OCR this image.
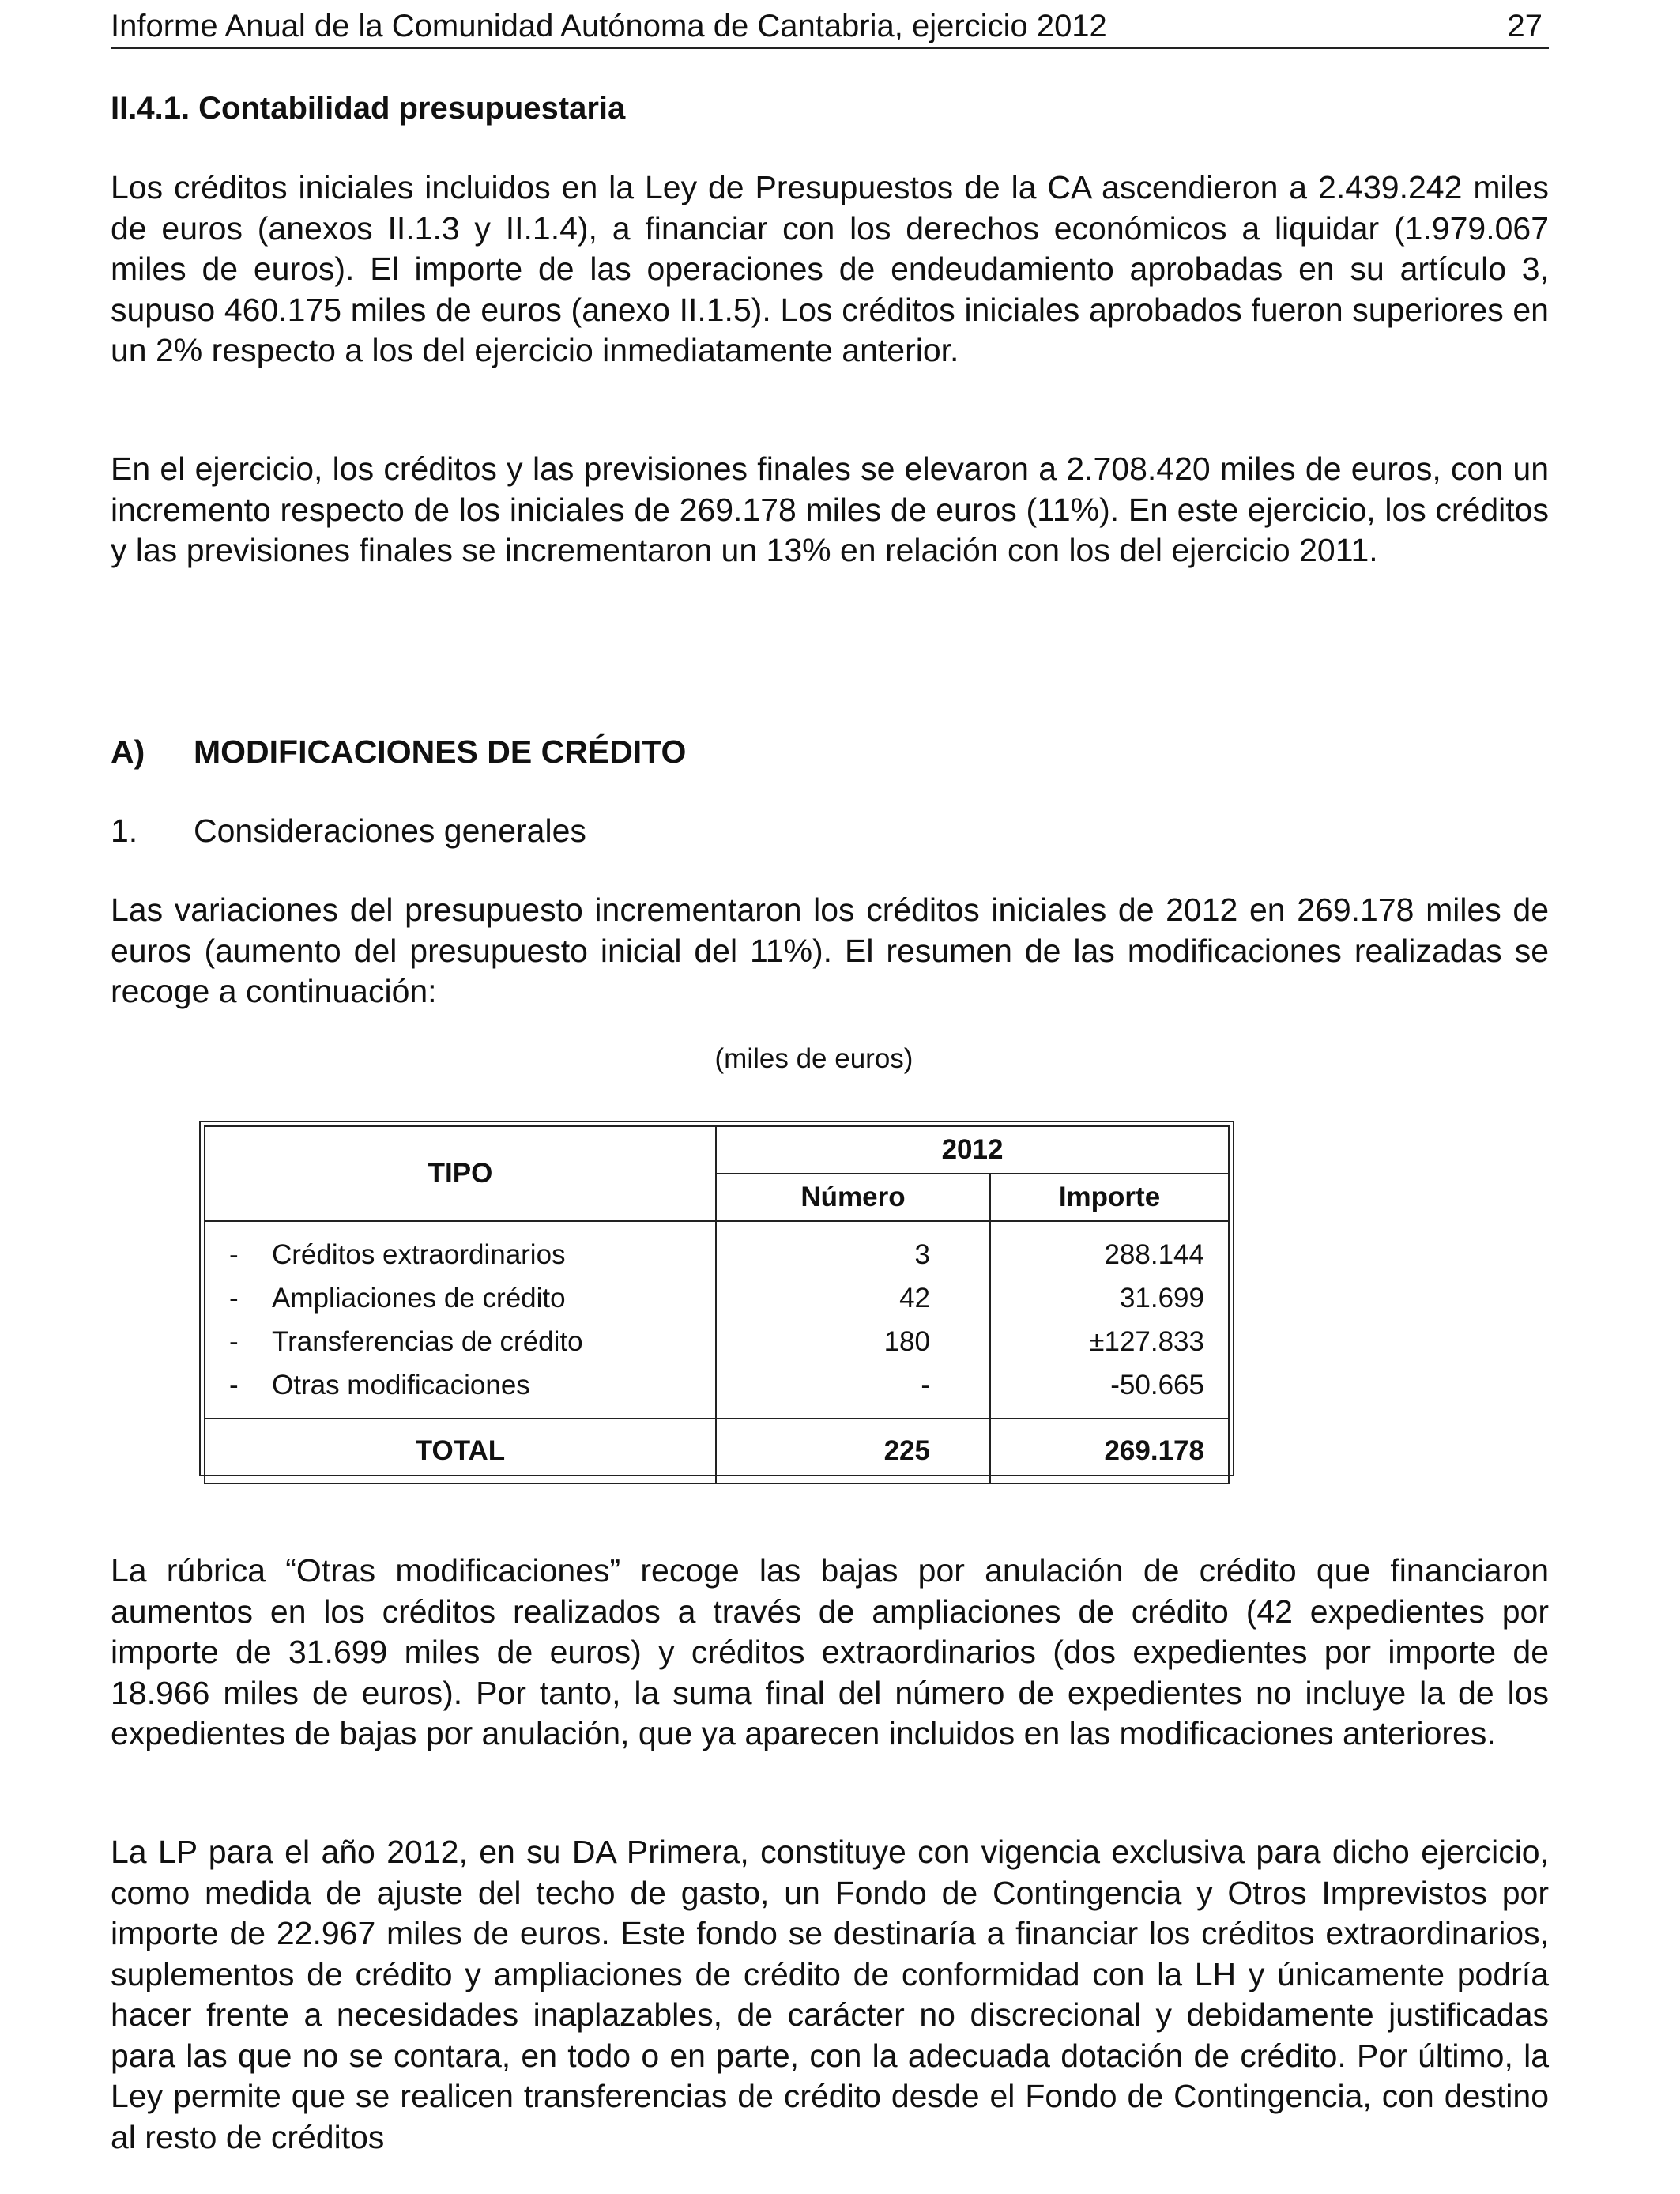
Informe Anual de la Comunidad Autónoma de Cantabria, ejercicio 2012	27
II.4.1. Contabilidad presupuestaria

Los créditos iniciales incluidos en la Ley de Presupuestos de la CA ascendieron a 2.439.242 miles de euros (anexos II.1.3 y II.1.4), a financiar con los derechos económicos a liquidar (1.979.067 miles de euros). El importe de las operaciones de endeudamiento aprobadas en su artículo 3, supuso 460.175 miles de euros (anexo II.1.5). Los créditos iniciales aprobados fueron superiores en un 2% respecto a los del ejercicio inmediatamente anterior.

En el ejercicio, los créditos y las previsiones finales se elevaron a 2.708.420 miles de euros, con un incremento respecto de los iniciales de 269.178 miles de euros (11%). En este ejercicio, los créditos y las previsiones finales se incrementaron un 13% en relación con los del ejercicio 2011.

A)	MODIFICACIONES DE CRÉDITO
1.	Consideraciones generales

Las variaciones del presupuesto incrementaron los créditos iniciales de 2012 en 269.178 miles de euros (aumento del presupuesto inicial del 11%). El resumen de las modificaciones realizadas se recoge a continuación:

(miles de euros)
TIPO	2012	
	Número	Importe
- Créditos extraordinarios	3	288.144
- Ampliaciones de crédito	42	31.699
- Transferencias de crédito	180	±127.833
- Otras modificaciones	-	-50.665
TOTAL	225	269.178

La rúbrica “Otras modificaciones” recoge las bajas por anulación de crédito que financiaron aumentos en los créditos realizados a través de ampliaciones de crédito (42 expedientes por importe de 31.699 miles de euros) y créditos extraordinarios (dos expedientes por importe de 18.966 miles de euros). Por tanto, la suma final del número de expedientes no incluye la de los expedientes de bajas por anulación, que ya aparecen incluidos en las modificaciones anteriores.

La LP para el año 2012, en su DA Primera, constituye con vigencia exclusiva para dicho ejercicio, como medida de ajuste del techo de gasto, un Fondo de Contingencia y Otros Imprevistos por importe de 22.967 miles de euros. Este fondo se destinaría a financiar los créditos extraordinarios, suplementos de crédito y ampliaciones de crédito de conformidad con la LH y únicamente podría hacer frente a necesidades inaplazables, de carácter no discrecional y debidamente justificadas para las que no se contara, en todo o en parte, con la adecuada dotación de crédito. Por último, la Ley permite que se realicen transferencias de crédito desde el Fondo de Contingencia, con destino al resto de créditos
